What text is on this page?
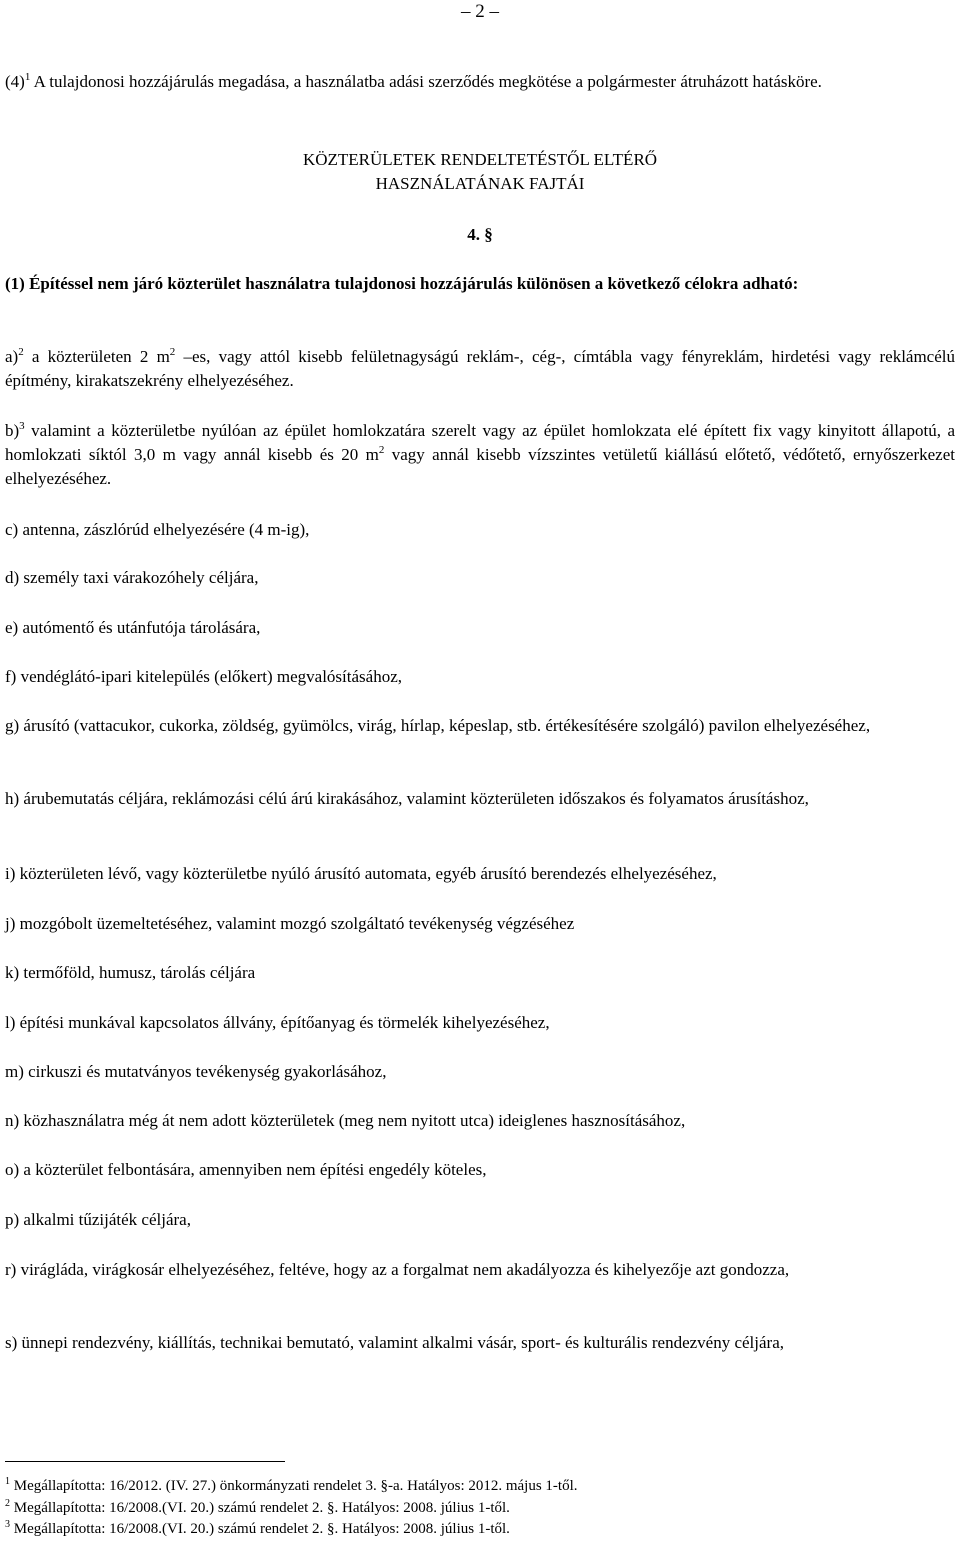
– 2 –
$(4)^1$ A tulajdonosi hozzájárulás megadása, a használatba adási szerződés megkötése a polgármester átruházott hatásköre.
KÖZTERÜLETEK RENDELTETÉSTŐL ELTÉRŐ
HASZNÁLATÁNAK FAJTÁI
4. §
(1) Építéssel nem járó közterület használatra tulajdonosi hozzájárulás különösen a következő célokra adható:
a)$^2$ a közterületen 2 $m^2$ –es, vagy attól kisebb felületnagyságú reklám-, cég-, címtábla vagy fényreklám, hirdetési vagy reklámcélú építmény, kirakatszekrény elhelyezéséhez.
b)$^3$ valamint a közterületbe nyúlóan az épület homlokzatára szerelt vagy az épület homlokzata elé épített fix vagy kinyitott állapotú, a homlokzati síktól 3,0 m vagy annál kisebb és 20 $m^2$ vagy annál kisebb vízszintes vetületű kiállású előtető, védőtető, ernyőszerkezet elhelyezéséhez.
c) antenna, zászlórúd elhelyezésére (4 m-ig),
d) személy taxi várakozóhely céljára,
e) autómentő és utánfutója tárolására,
f) vendéglátó-ipari kitelepülés (előkert) megvalósításához,
g) árusító (vattacukor, cukorka, zöldség, gyümölcs, virág, hírlap, képeslap, stb. értékesítésére szolgáló) pavilon elhelyezéséhez,
h) árubemutatás céljára, reklámozási célú árú kirakásához, valamint közterületen időszakos és folyamatos árusításhoz,
i) közterületen lévő, vagy közterületbe nyúló árusító automata, egyéb árusító berendezés elhelyezéséhez,
j) mozgóbolt üzemeltetéséhez, valamint mozgó szolgáltató tevékenység végzéséhez
k) termőföld, humusz, tárolás céljára
l) építési munkával kapcsolatos állvány, építőanyag és törmelék kihelyezéséhez,
m) cirkuszi és mutatványos tevékenység gyakorlásához,
n) közhasználatra még át nem adott közterületek (meg nem nyitott utca) ideiglenes hasznosításához,
o) a közterület felbontására, amennyiben nem építési engedély köteles,
p) alkalmi tűzijáték céljára,
r) virágláda, virágkosár elhelyezéséhez, feltéve, hogy az a forgalmat nem akadályozza és kihelyezője azt gondozza,
s) ünnepi rendezvény, kiállítás, technikai bemutató, valamint alkalmi vásár, sport- és kulturális rendezvény céljára,
$^1$ Megállapította: 16/2012. (IV. 27.) önkormányzati rendelet 3. §-a. Hatályos: 2012. május 1-től.
$^2$ Megállapította: 16/2008.(VI. 20.) számú rendelet 2. §. Hatályos: 2008. július 1-től.
$^3$ Megállapította: 16/2008.(VI. 20.) számú rendelet 2. §. Hatályos: 2008. július 1-től.
